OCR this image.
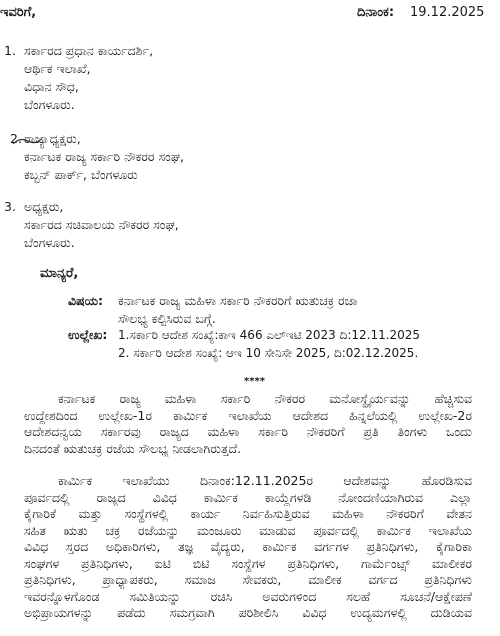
ಇವರಿಗೆ,	ದಿನಾಂಕ: 19.12.2025
1. ಸರ್ಕಾರದ ಪ್ರಧಾನ ಕಾರ್ಯದರ್ಶಿ,
ಆರ್ಥಿಕ ಇಲಾಖೆ,
ವಿಧಾನ ಸೌಧ,
ಬೆಂಗಳೂರು.
2. ರಾಜ್ಯಾಧ್ಯಕ್ಷರು,
ಕರ್ನಾಟಕ ರಾಜ್ಯ ಸರ್ಕಾರಿ ನೌಕರರ ಸಂಘ,
ಕಬ್ಬನ್ ಪಾರ್ಕ್, ಬೆಂಗಳೂರು
3. ಅಧ್ಯಕ್ಷರು,
ಸರ್ಕಾರದ ಸಚಿವಾಲಯ ನೌಕರರ ಸಂಘ,
ಬೆಂಗಳೂರು.
ಮಾನ್ಯರೆ,
ವಿಷಯ: ಕರ್ನಾಟಕ ರಾಜ್ಯ ಮಹಿಳಾ ಸರ್ಕಾರಿ ನೌಕರರಿಗೆ ಋತುಚಕ್ರ ರಜಾ
ಸೌಲಭ್ಯ ಕಲ್ಪಿಸಿರುವ ಬಗ್ಗೆ.
ಉಲ್ಲೇಖ: 1.ಸರ್ಕಾರಿ ಆದೇಶ ಸಂಖ್ಯೆ:ಕಾಇ 466 ಎಲ್‌ಇಟಿ 2023 ದಿ:12.11.2025
2. ಸರ್ಕಾರಿ ಆದೇಶ ಸಂಖ್ಯೆ: ಆಇ 10 ಸೇನಿಸೇ 2025, ದಿ:02.12.2025.
****

ಕರ್ನಾಟಕ ರಾಜ್ಯ ಮಹಿಳಾ ಸರ್ಕಾರಿ ನೌಕರರ ಮನೋಸ್ಥೈರ್ಯವನ್ನು ಹೆಚ್ಚಿಸುವ

ಉದ್ದೇಶದಿಂದ ಉಲ್ಲೇಖ-1ರ ಕಾರ್ಮಿಕ ಇಲಾಖೆಯ ಆದೇಶದ ಹಿನ್ನಲೆಯಲ್ಲಿ ಉಲ್ಲೇಖ-2ರ

ಆದೇಶದನ್ವಯ ಸರ್ಕಾರವು ರಾಜ್ಯದ ಮಹಿಳಾ ಸರ್ಕಾರಿ ನೌಕರರಿಗೆ ಪ್ರತಿ ತಿಂಗಳು ಒಂದು

ದಿನದಂತೆ ಋತುಚಕ್ರ ರಜೆಯ ಸೌಲಭ್ಯ ನೀಡಲಾಗಿರುತ್ತದೆ.

ಕಾರ್ಮಿಕ ಇಲಾಖೆಯು ದಿನಾಂಕ:12.11.2025ರ ಆದೇಶವನ್ನು ಹೊರಡಿಸುವ

ಪೂರ್ವದಲ್ಲಿ ರಾಜ್ಯದ ವಿವಿಧ ಕಾರ್ಮಿಕ ಕಾಯ್ದೆಗಳಡಿ ನೋಂದಣಿಯಾಗಿರುವ ಎಲ್ಲಾ

ಕೈಗಾರಿಕೆ ಮತ್ತು ಸಂಸ್ಥೆಗಳಲ್ಲಿ ಕಾರ್ಯ ನಿರ್ವಹಿಸುತ್ತಿರುವ ಮಹಿಳಾ ನೌಕರರಿಗೆ ವೇತನ

ಸಹಿತ ಋತು ಚಕ್ರ ರಜೆಯನ್ನು ಮಂಜೂರು ಮಾಡುವ ಪೂರ್ವದಲ್ಲಿ ಕಾರ್ಮಿಕ ಇಲಾಖೆಯ

ವಿವಿಧ ಸ್ತರದ ಅಧಿಕಾರಿಗಳು, ತಜ್ಞ ವೈದ್ಯರು, ಕಾರ್ಮಿಕ ವರ್ಗಗಳ ಪ್ರತಿನಿಧಿಗಳು, ಕೈಗಾರಿಕಾ

ಸಂಘಗಳ ಪ್ರತಿನಿಧಿಗಳು, ಐಟಿ ಬಿಟಿ ಸಂಸ್ಥೆಗಳ ಪ್ರತಿನಿಧಿಗಳು, ಗಾರ್ಮೆಂಟ್ಸ್ ಮಾಲೀಕರ

ಪ್ರತಿನಿಧಿಗಳು, ಪ್ರಾಧ್ಯಾಪಕರು, ಸಮಾಜ ಸೇವಕರು, ಮಾಲೀಕ ವರ್ಗದ ಪ್ರತಿನಿಧಿಗಳು

ಇವರನ್ನೊಳಗೊಂಡ ಸಮಿತಿಯನ್ನು ರಚಿಸಿ ಅವರುಗಳಿಂದ ಸಲಹೆ ಸೂಚನೆ/ಆಕ್ಷೇಪಣೆ

ಅಭಿಪ್ರಾಯಗಳನ್ನು ಪಡೆದು ಸಮಗ್ರವಾಗಿ ಪರಿಶೀಲಿಸಿ ವಿವಿಧ ಉದ್ಯಮಗಳಲ್ಲಿ ದುಡಿಯವ
